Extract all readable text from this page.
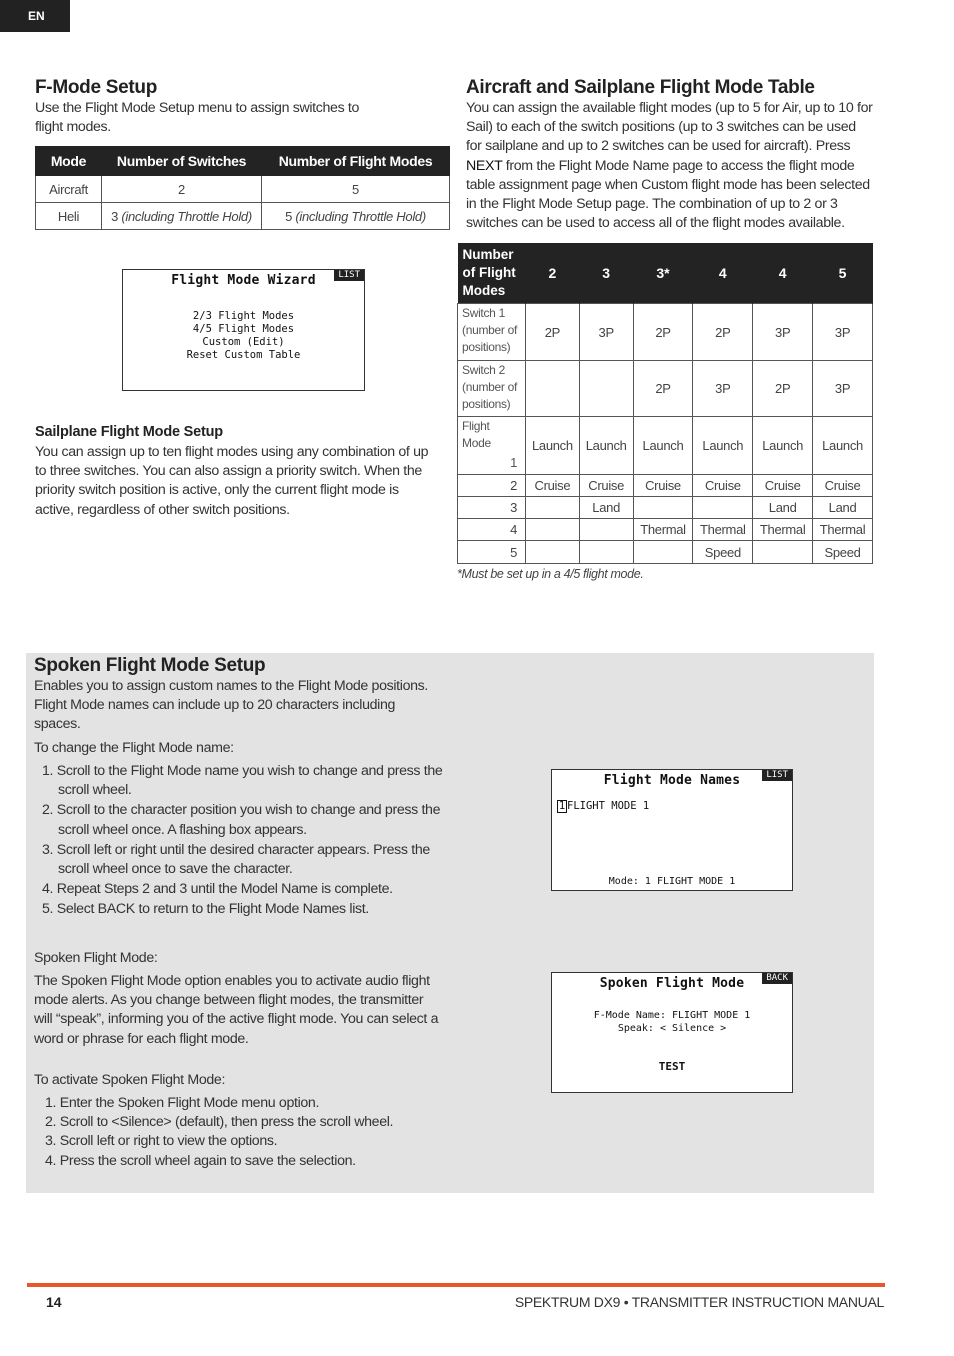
EN
F-Mode Setup

Use the Flight Mode Setup menu to assign switches to flight modes.

Mode	Number of Switches	Number of Flight Modes
Aircraft	2	5
Heli	3 (including Throttle Hold)	5 (including Throttle Hold)
Flight Mode Wizard	LIST
2/3 Flight Modes
4/5 Flight Modes
Custom (Edit)
Reset Custom Table
Sailplane Flight Mode Setup

You can assign up to ten flight modes using any combination of up to three switches. You can also assign a priority switch. When the priority switch position is active, only the current flight mode is active, regardless of other switch positions.

Aircraft and Sailplane Flight Mode Table

You can assign the available flight modes (up to 5 for Air, up to 10 for Sail) to each of the switch positions (up to 3 switches can be used for sailplane and up to 2 switches can be used for aircraft). Press NEXT from the Flight Mode Name page to access the flight mode table assignment page when Custom flight mode has been selected in the Flight Mode Setup page. The combination of up to 2 or 3 switches can be used to access all of the flight modes available.

Number of Flight Modes	2	3	3*	4	4	5
Switch 1 (number of positions)	2P	3P	2P	2P	3P	3P
Switch 2 (number of positions)			2P	3P	2P	3P

Flight Mode
1	Launch	Launch	Launch	Launch	Launch	Launch
2	Cruise	Cruise	Cruise	Cruise	Cruise	Cruise
3		Land			Land	Land
4			Thermal	Thermal	Thermal	Thermal
5				Speed		Speed

*Must be set up in a 4/5 flight mode.

Spoken Flight Mode Setup

Enables you to assign custom names to the Flight Mode positions. Flight Mode names can include up to 20 characters including spaces.

To change the Flight Mode name:

1. Scroll to the Flight Mode name you wish to change and press the scroll wheel.
2. Scroll to the character position you wish to change and press the scroll wheel once. A flashing box appears.
3. Scroll left or right until the desired character appears. Press the scroll wheel once to save the character.
4. Repeat Steps 2 and 3 until the Model Name is complete.
5. Select BACK to return to the Flight Mode Names list.

Spoken Flight Mode:

The Spoken Flight Mode option enables you to activate audio flight mode alerts. As you change between flight modes, the transmitter will “speak”, informing you of the active flight mode. You can select a word or phrase for each flight mode.

To activate Spoken Flight Mode:

1. Enter the Spoken Flight Mode menu option.
2. Scroll to <Silence> (default), then press the scroll wheel.
3. Scroll left or right to view the options.
4. Press the scroll wheel again to save the selection.
Flight Mode Names	LIST
1 FLIGHT MODE 1
Mode: 1 FLIGHT MODE 1
Spoken Flight Mode	BACK
F-Mode Name: FLIGHT MODE 1
Speak: < Silence >
TEST
14	SPEKTRUM DX9 • TRANSMITTER INSTRUCTION MANUAL
